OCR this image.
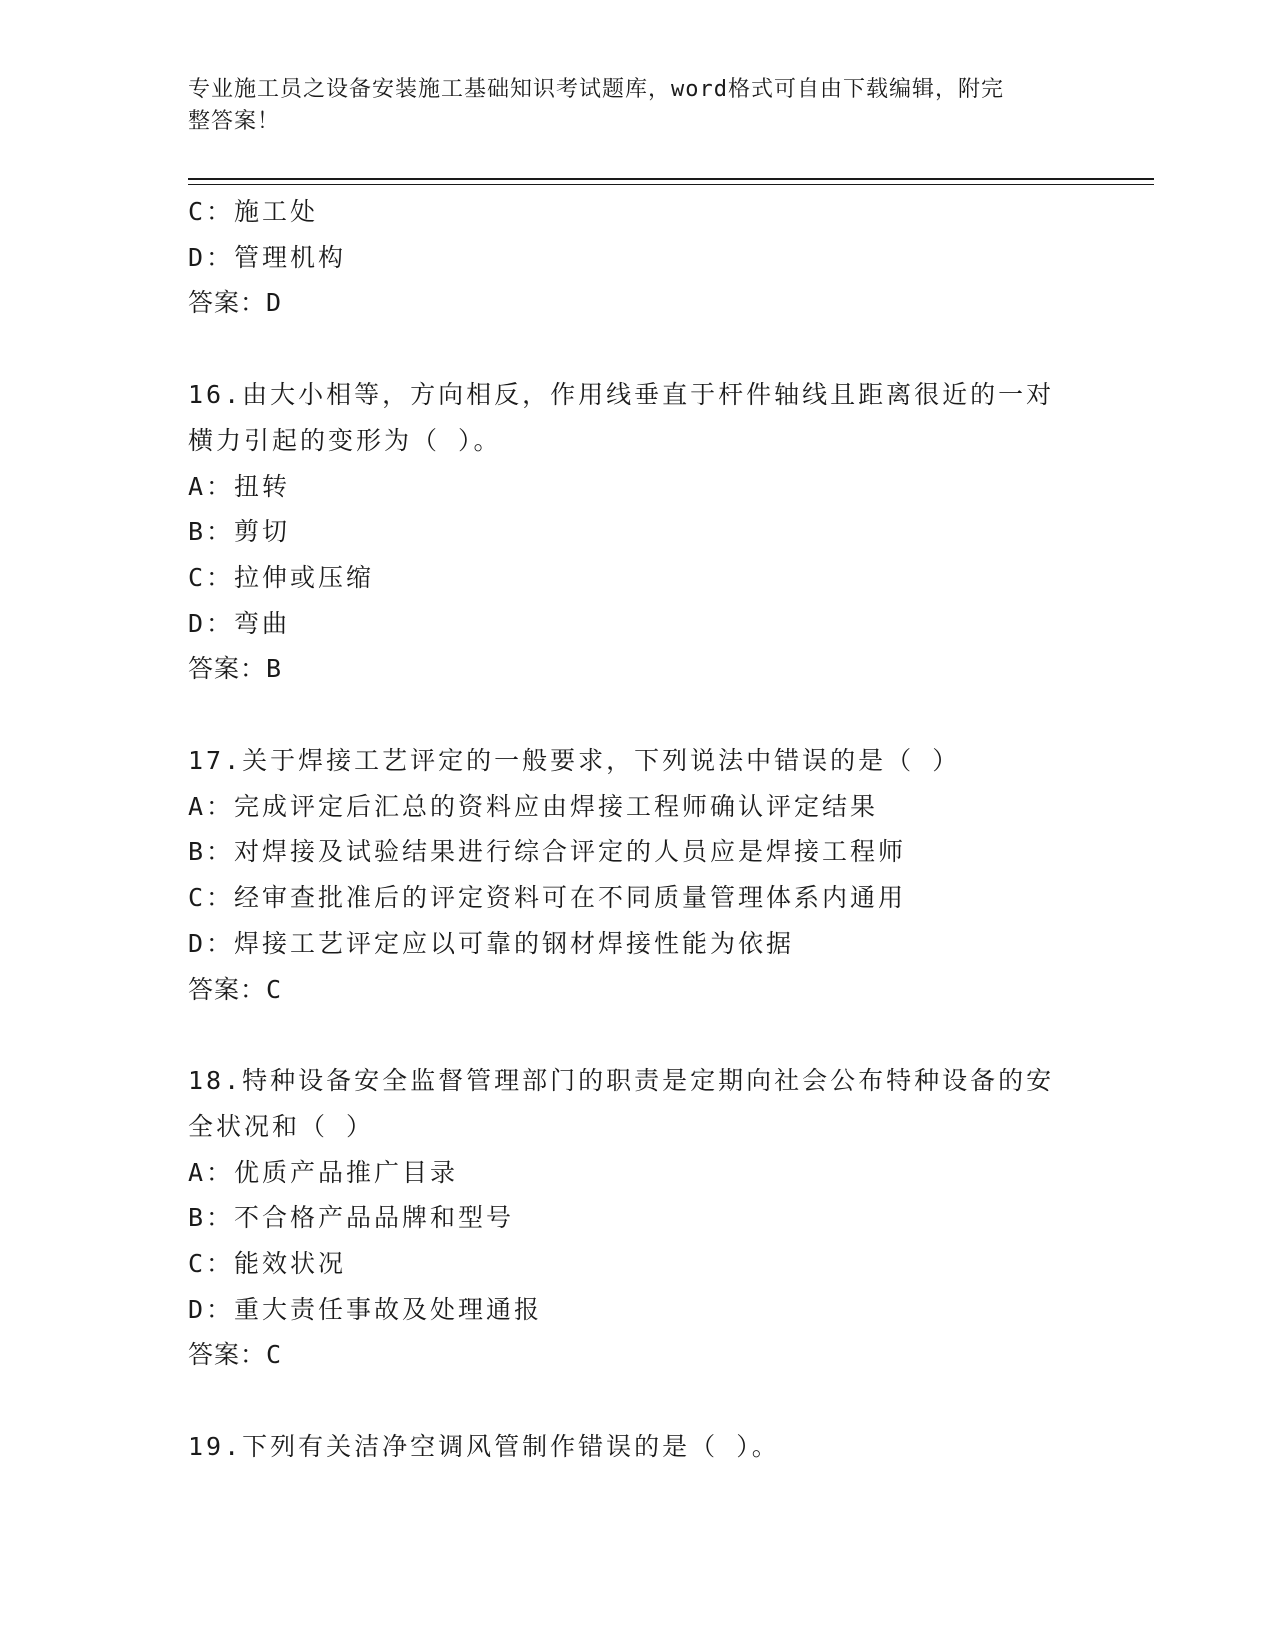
专业施工员之设备安装施工基础知识考试题库，word格式可自由下载编辑，附完
整答案！
C：施工处
D：管理机构
答案：D
16.由大小相等，方向相反，作用线垂直于杆件轴线且距离很近的一对
横力引起的变形为（ ）。
A：扭转
B：剪切
C：拉伸或压缩
D：弯曲
答案：B
17.关于焊接工艺评定的一般要求，下列说法中错误的是（ ）
A：完成评定后汇总的资料应由焊接工程师确认评定结果
B：对焊接及试验结果进行综合评定的人员应是焊接工程师
C：经审查批准后的评定资料可在不同质量管理体系内通用
D：焊接工艺评定应以可靠的钢材焊接性能为依据
答案：C
18.特种设备安全监督管理部门的职责是定期向社会公布特种设备的安
全状况和（ ）
A：优质产品推广目录
B：不合格产品品牌和型号
C：能效状况
D：重大责任事故及处理通报
答案：C
19.下列有关洁净空调风管制作错误的是（ ）。
